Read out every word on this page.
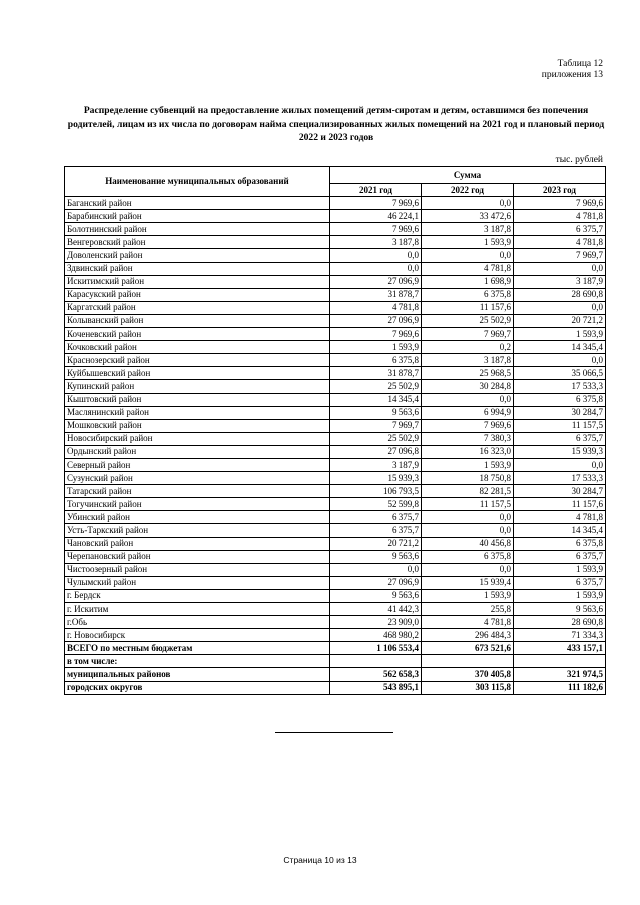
Таблица 12
приложения 13
Распределение субвенций на предоставление жилых помещений детям-сиротам и детям, оставшимся без попечения родителей, лицам из их числа по договорам найма специализированных жилых помещений на 2021 год и плановый период 2022 и 2023 годов
тыс. рублей
Наименование муниципальных образований	Сумма		
	2021 год	2022 год	2023 год
Баганский район	7 969,6	0,0	7 969,6
Барабинский район	46 224,1	33 472,6	4 781,8
Болотнинский район	7 969,6	3 187,8	6 375,7
Венгеровский район	3 187,8	1 593,9	4 781,8
Доволенский район	0,0	0,0	7 969,7
Здвинский район	0,0	4 781,8	0,0
Искитимский район	27 096,9	1 698,9	3 187,9
Карасукский район	31 878,7	6 375,8	28 690,8
Каргатский район	4 781,8	11 157,6	0,0
Колыванский район	27 096,9	25 502,9	20 721,2
Коченевский район	7 969,6	7 969,7	1 593,9
Кочковский район	1 593,9	0,2	14 345,4
Краснозерский район	6 375,8	3 187,8	0,0
Куйбышевский район	31 878,7	25 968,5	35 066,5
Купинский район	25 502,9	30 284,8	17 533,3
Кыштовский район	14 345,4	0,0	6 375,8
Маслянинский район	9 563,6	6 994,9	30 284,7
Мошковский район	7 969,7	7 969,6	11 157,5
Новосибирский район	25 502,9	7 380,3	6 375,7
Ордынский район	27 096,8	16 323,0	15 939,3
Северный район	3 187,9	1 593,9	0,0
Сузунский район	15 939,3	18 750,8	17 533,3
Татарский район	106 793,5	82 281,5	30 284,7
Тогучинский район	52 599,8	11 157,5	11 157,6
Убинский район	6 375,7	0,0	4 781,8
Усть-Таркский район	6 375,7	0,0	14 345,4
Чановский район	20 721,2	40 456,8	6 375,8
Черепановский район	9 563,6	6 375,8	6 375,7
Чистоозерный район	0,0	0,0	1 593,9
Чулымский район	27 096,9	15 939,4	6 375,7
г. Бердск	9 563,6	1 593,9	1 593,9
г. Искитим	41 442,3	255,8	9 563,6
г.Обь	23 909,0	4 781,8	28 690,8
г. Новосибирск	468 980,2	296 484,3	71 334,3
ВСЕГО по местным бюджетам	1 106 553,4	673 521,6	433 157,1
в том числе:			
муниципальных районов	562 658,3	370 405,8	321 974,5
городских округов	543 895,1	303 115,8	111 182,6
Страница 10 из 13
